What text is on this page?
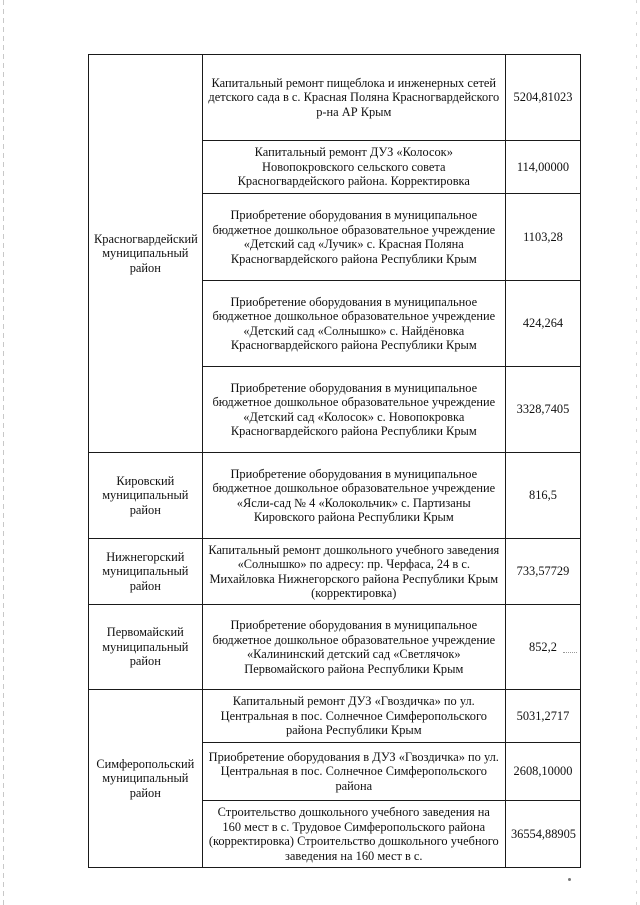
Красногвардейский муниципальный район	Капитальный ремонт пищеблока и инженерных сетей детского сада в с. Красная Поляна Красногвардейского р-на АР Крым	5204,81023
	Капитальный ремонт ДУЗ «Колосок» Новопокровского сельского совета Красногвардейского района. Корректировка	114,00000
	Приобретение оборудования в муниципальное бюджетное дошкольное образовательное учреждение «Детский сад «Лучик» с. Красная Поляна Красногвардейского района Республики Крым	1103,28
	Приобретение оборудования в муниципальное бюджетное дошкольное образовательное учреждение «Детский сад «Солнышко» с. Найдёновка Красногвардейского района Республики Крым	424,264
	Приобретение оборудования в муниципальное бюджетное дошкольное образовательное учреждение «Детский сад «Колосок» с. Новопокровка Красногвардейского района Республики Крым	3328,7405
Кировский муниципальный район	Приобретение оборудования в муниципальное бюджетное дошкольное образовательное учреждение «Ясли-сад № 4 «Колокольчик» с. Партизаны Кировского района Республики Крым	816,5
Нижнегорский муниципальный район	Капитальный ремонт дошкольного учебного заведения «Солнышко» по адресу: пр. Черфаса, 24 в с. Михайловка Нижнегорского района Республики Крым (корректировка)	733,57729
Первомайский муниципальный район	Приобретение оборудования в муниципальное бюджетное дошкольное образовательное учреждение «Калининский детский сад «Светлячок» Первомайского района Республики Крым	852,2
Симферопольский муниципальный район	Капитальный ремонт ДУЗ «Гвоздичка» по ул. Центральная в пос. Солнечное Симферопольского района Республики Крым	5031,2717
	Приобретение оборудования в ДУЗ «Гвоздичка» по ул. Центральная в пос. Солнечное Симферопольского района	2608,10000
	Строительство дошкольного учебного заведения на 160 мест в с. Трудовое Симферопольского района (корректировка) Строительство дошкольного учебного заведения на 160 мест в с.	36554,88905
